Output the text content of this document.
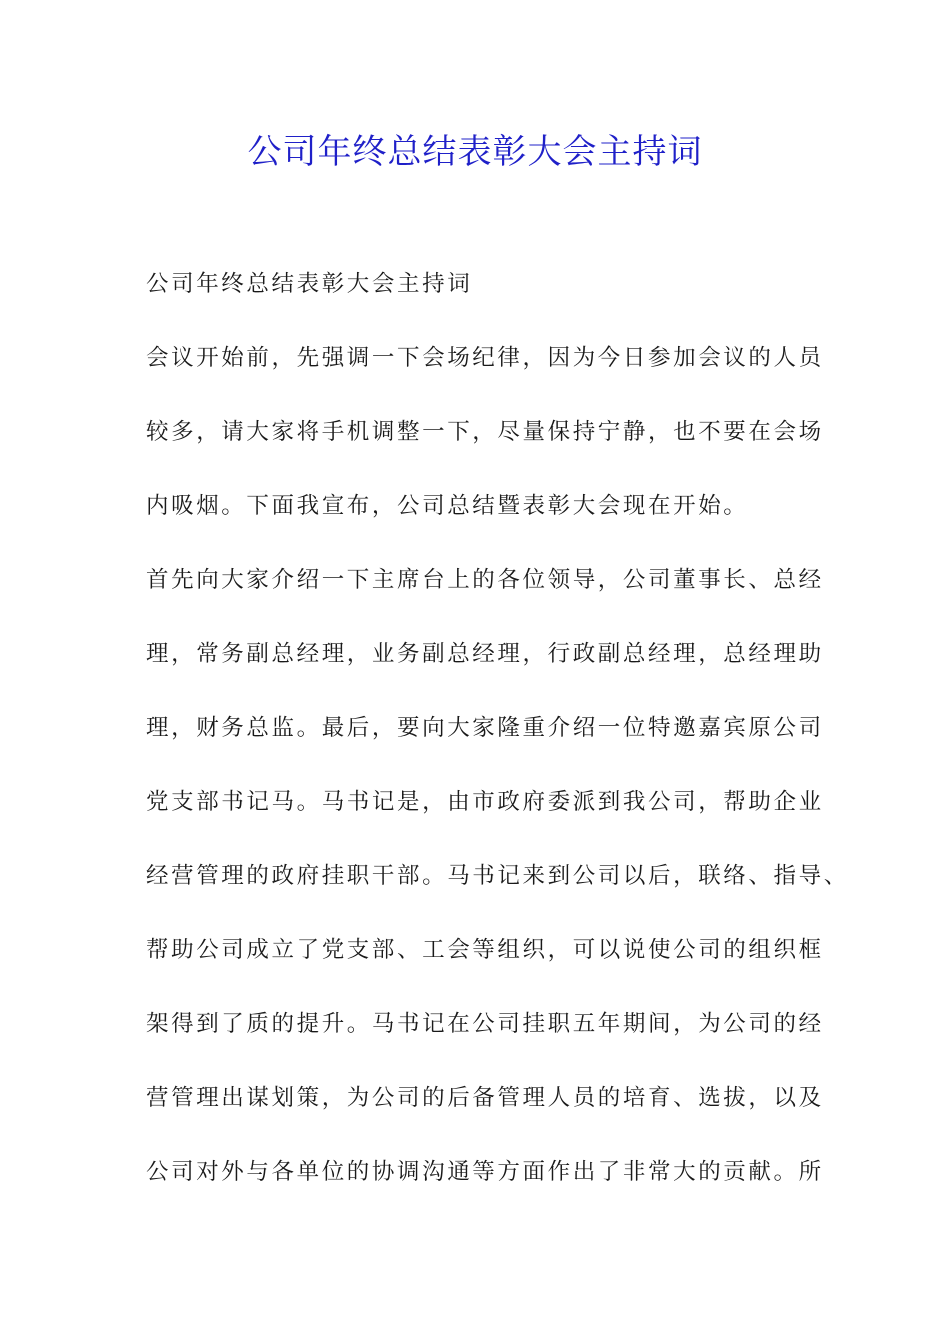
公司年终总结表彰大会主持词
公司年终总结表彰大会主持词
会议开始前，先强调一下会场纪律，因为今日参加会议的人员
较多，请大家将手机调整一下，尽量保持宁静，也不要在会场
内吸烟。下面我宣布，公司总结暨表彰大会现在开始。
首先向大家介绍一下主席台上的各位领导，公司董事长、总经
理，常务副总经理，业务副总经理，行政副总经理，总经理助
理，财务总监。最后，要向大家隆重介绍一位特邀嘉宾原公司
党支部书记马。马书记是，由市政府委派到我公司，帮助企业
经营管理的政府挂职干部。马书记来到公司以后，联络、指导、
帮助公司成立了党支部、工会等组织，可以说使公司的组织框
架得到了质的提升。马书记在公司挂职五年期间，为公司的经
营管理出谋划策，为公司的后备管理人员的培育、选拔，以及
公司对外与各单位的协调沟通等方面作出了非常大的贡献。所
